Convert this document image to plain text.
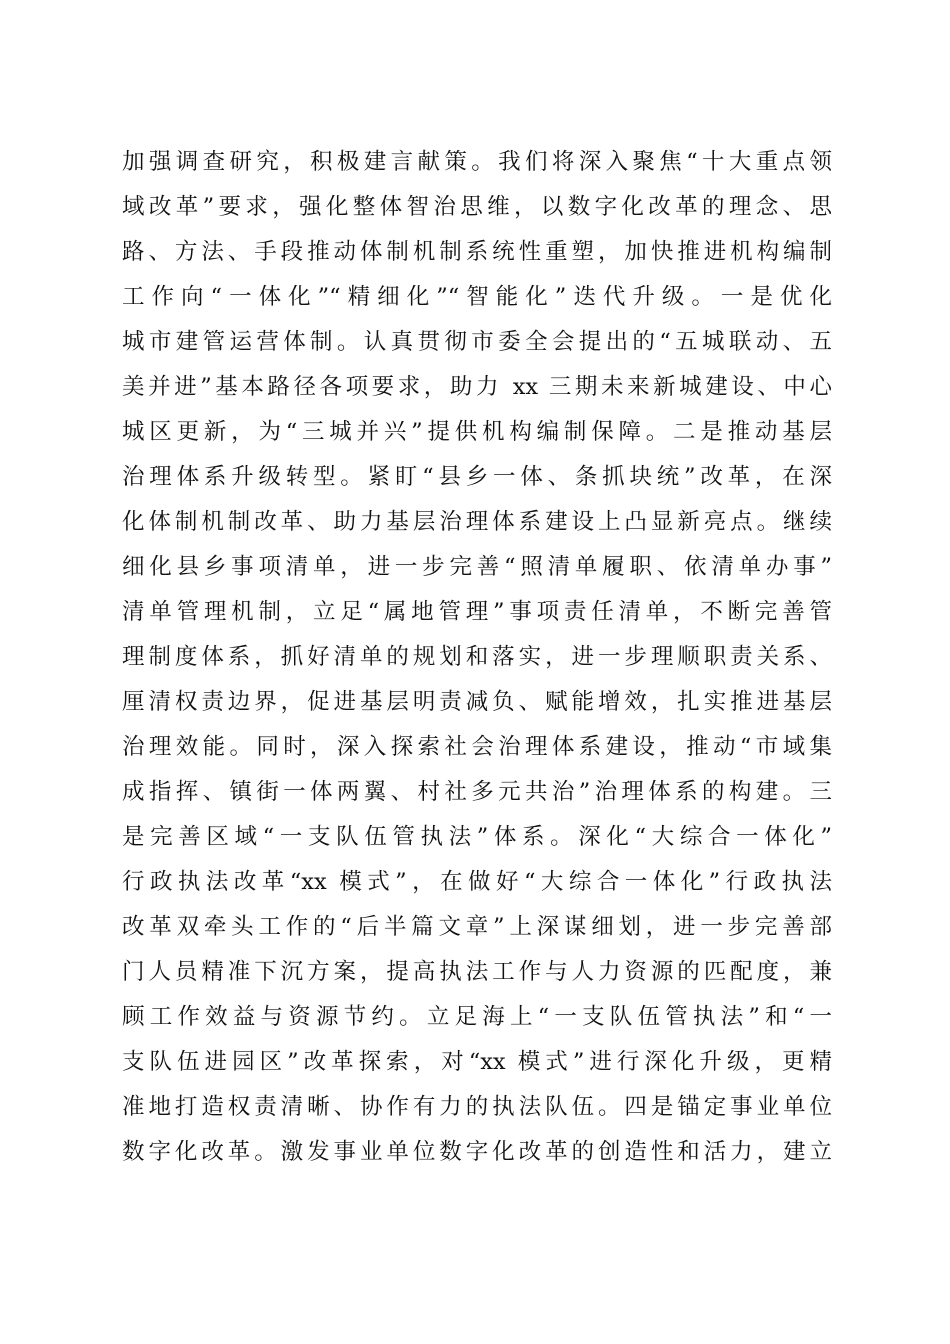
加强调查研究，积极建言献策。我们将深入聚焦“十大重点领
域改革”要求，强化整体智治思维，以数字化改革的理念、思
路、方法、手段推动体制机制系统性重塑，加快推进机构编制
工作向“一体化”“精细化”“智能化”迭代升级。一是优化
城市建管运营体制。认真贯彻市委全会提出的“五城联动、五
美并进”基本路径各项要求，助力 xx 三期未来新城建设、中心
城区更新，为“三城并兴”提供机构编制保障。二是推动基层
治理体系升级转型。紧盯“县乡一体、条抓块统”改革，在深
化体制机制改革、助力基层治理体系建设上凸显新亮点。继续
细化县乡事项清单，进一步完善“照清单履职、依清单办事”
清单管理机制，立足“属地管理”事项责任清单，不断完善管
理制度体系，抓好清单的规划和落实，进一步理顺职责关系、
厘清权责边界，促进基层明责减负、赋能增效，扎实推进基层
治理效能。同时，深入探索社会治理体系建设，推动“市域集
成指挥、镇街一体两翼、村社多元共治”治理体系的构建。三
是完善区域“一支队伍管执法”体系。深化“大综合一体化”
行政执法改革“xx 模式”，在做好“大综合一体化”行政执法
改革双牵头工作的“后半篇文章”上深谋细划，进一步完善部
门人员精准下沉方案，提高执法工作与人力资源的匹配度，兼
顾工作效益与资源节约。立足海上“一支队伍管执法”和“一
支队伍进园区”改革探索，对“xx 模式”进行深化升级，更精
准地打造权责清晰、协作有力的执法队伍。四是锚定事业单位
数字化改革。激发事业单位数字化改革的创造性和活力，建立
